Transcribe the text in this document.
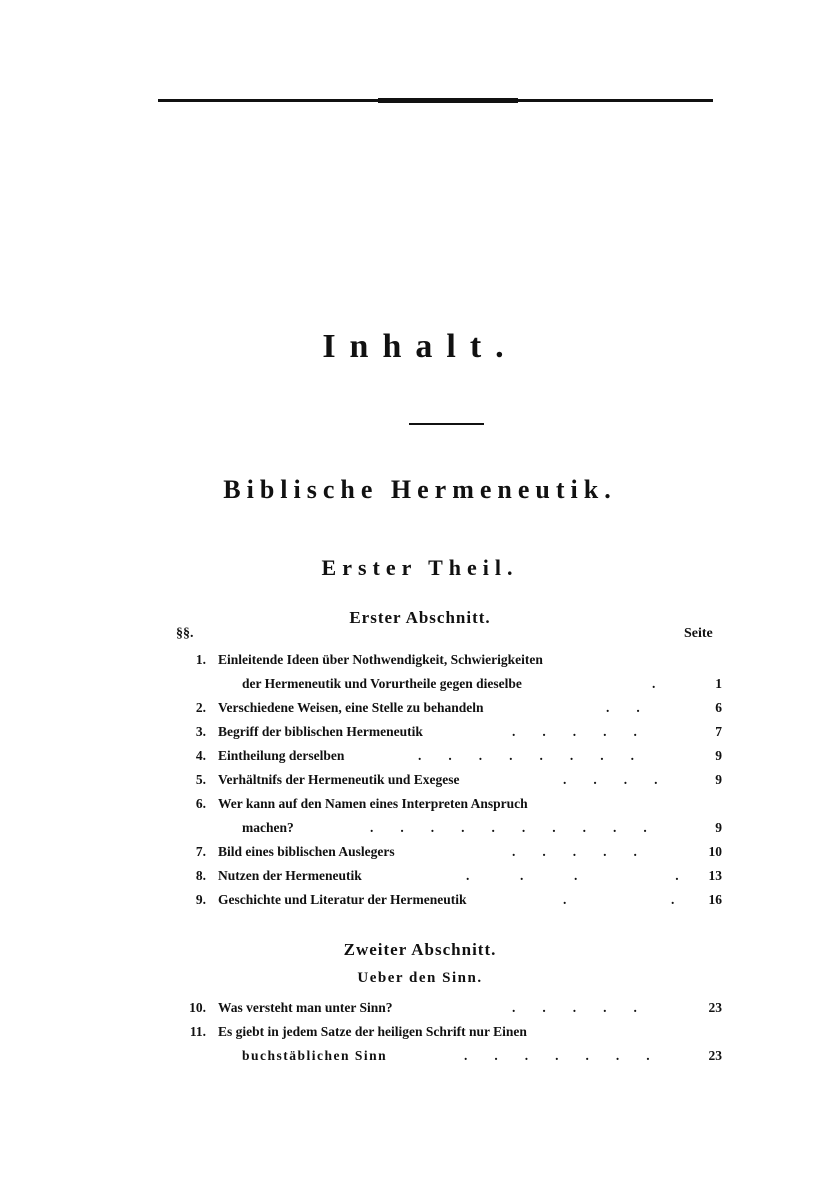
Inhalt.
Biblische Hermeneutik.
Erster Theil.
Erster Abschnitt.
§§.	Seite
1. Einleitende Ideen über Nothwendigkeit, Schwierigkeiten
der Hermeneutik und Vorurtheile gegen dieselbe	.	1
2. Verschiedene Weisen, eine Stelle zu behandeln	.        .	6
3. Begriff der biblischen Hermeneutik	.        .        .        .        .	7
4. Eintheilung derselben	.        .        .        .        .        .        .        .	9
5. Verhältnifs der Hermeneutik und Exegese	.        .        .        .	9
6. Wer kann auf den Namen eines Interpreten Anspruch
machen?	.        .        .        .        .        .        .        .        .        .	9
7. Bild eines biblischen Auslegers	.        .        .        .        .	10
8. Nutzen der Hermeneutik	.               .               .                             .	13
9. Geschichte und Literatur der Hermeneutik	.                               .	16
10. Was versteht man unter Sinn?	.        .        .        .        .	23
11. Es giebt in jedem Satze der heiligen Schrift nur Einen
buchstäblichen Sinn	.        .        .        .        .        .        .	23
Zweiter Abschnitt.
Ueber den Sinn.
